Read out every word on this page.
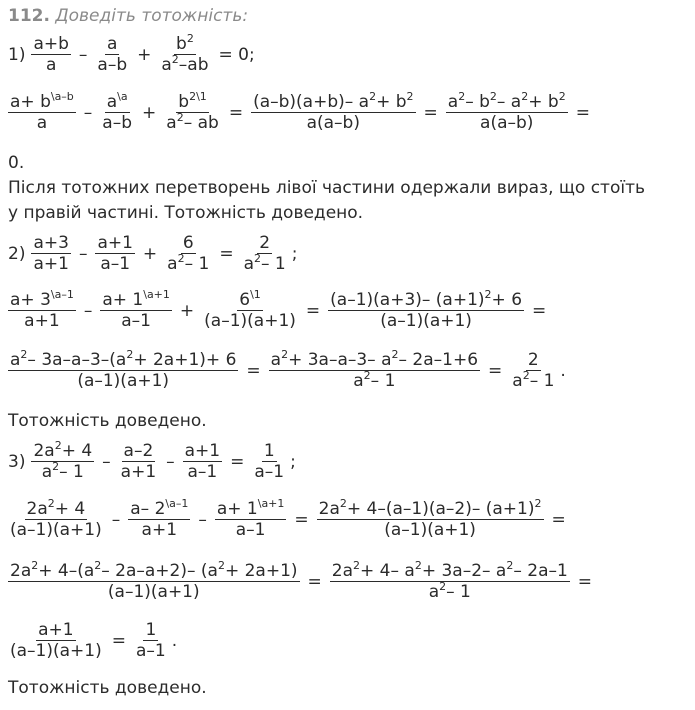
112. Доведіть тотожність:
$1) \frac{a+b}{a} - \frac{a}{a-b} + \frac{b^2}{a^2-ab} = 0$;
$\frac{a+ b^{\backslash a-b}}{a} - \frac{a^{\backslash a}}{a-b} + \frac{b^{2\backslash 1}}{a^2- ab} = \frac{(a-b)(a+b)- a^2+ b^2}{a(a-b)} = \frac{a^2- b^2- a^2+ b^2}{a(a-b)}$ =
0.
Після тотожних перетворень лівої частини одержали вираз, що стоїть
у правій частині. Тотожність доведено.
$2) \frac{a+3}{a+1} - \frac{a+1}{a-1} + \frac{6}{a^2- 1} = \frac{2}{a^2- 1}$ ;
$\frac{a+ 3^{\backslash a-1}}{a+1} - \frac{a+ 1^{\backslash a+1}}{a-1} + \frac{6^{\backslash 1}}{(a-1)(a+1)} = \frac{(a-1)(a+3)- (a+1)^2+ 6}{(a-1)(a+1)}$ =
$\frac{a^2- 3a-a-3-(a^2+ 2a+1)+ 6}{(a-1)(a+1)} = \frac{a^2+ 3a-a-3- a^2- 2a-1+6}{a^2- 1} = \frac{2}{a^2- 1}$ .
Тотожність доведено.
$3) \frac{2a^2+ 4}{a^2- 1} - \frac{a-2}{a+1} - \frac{a+1}{a-1} = \frac{1}{a-1}$ ;
$\frac{2a^2+ 4}{(a-1)(a+1)} - \frac{a- 2^{\backslash a-1}}{a+1} - \frac{a+ 1^{\backslash a+1}}{a-1} = \frac{2a^2+ 4-(a-1)(a-2)- (a+1)^2}{(a-1)(a+1)}$ =
$\frac{2a^2+ 4-(a^2- 2a-a+2)- (a^2+ 2a+1)}{(a-1)(a+1)} = \frac{2a^2+ 4- a^2+ 3a-2- a^2- 2a-1}{a^2- 1}$ =
$\frac{a+1}{(a-1)(a+1)} = \frac{1}{a-1}$ .
Тотожність доведено.
